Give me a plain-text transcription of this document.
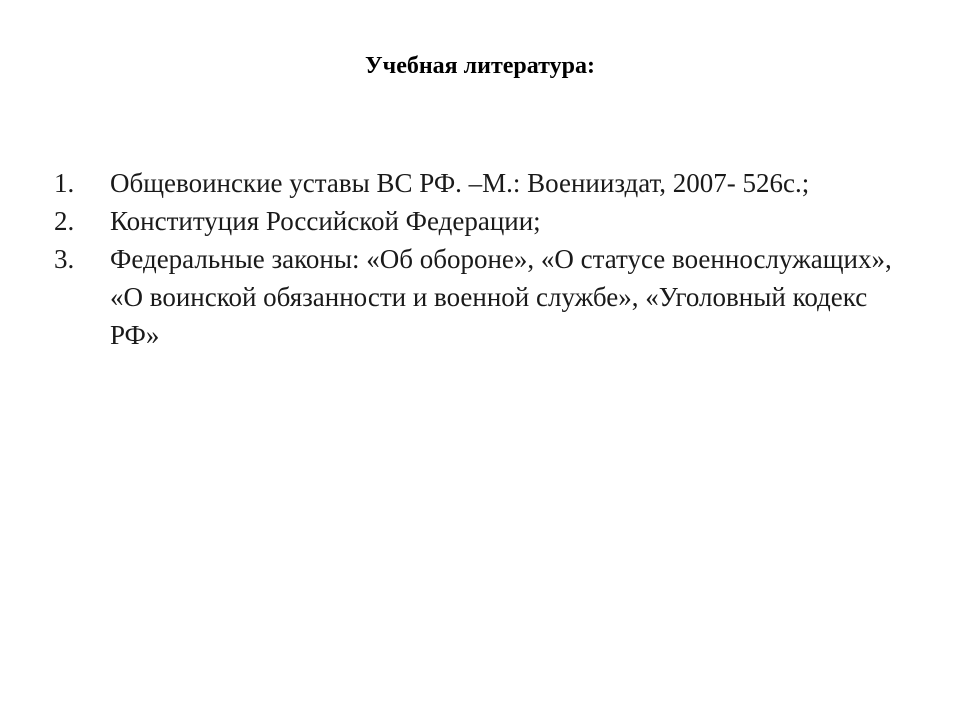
Учебная литература:
1. Общевоинские уставы ВС РФ. –М.: Военииздат, 2007- 526с.;
2. Конституция Российской Федерации;
3. Федеральные законы: «Об обороне», «О статусе военнослужащих», «О воинской обязанности и военной службе», «Уголовный кодекс РФ»
